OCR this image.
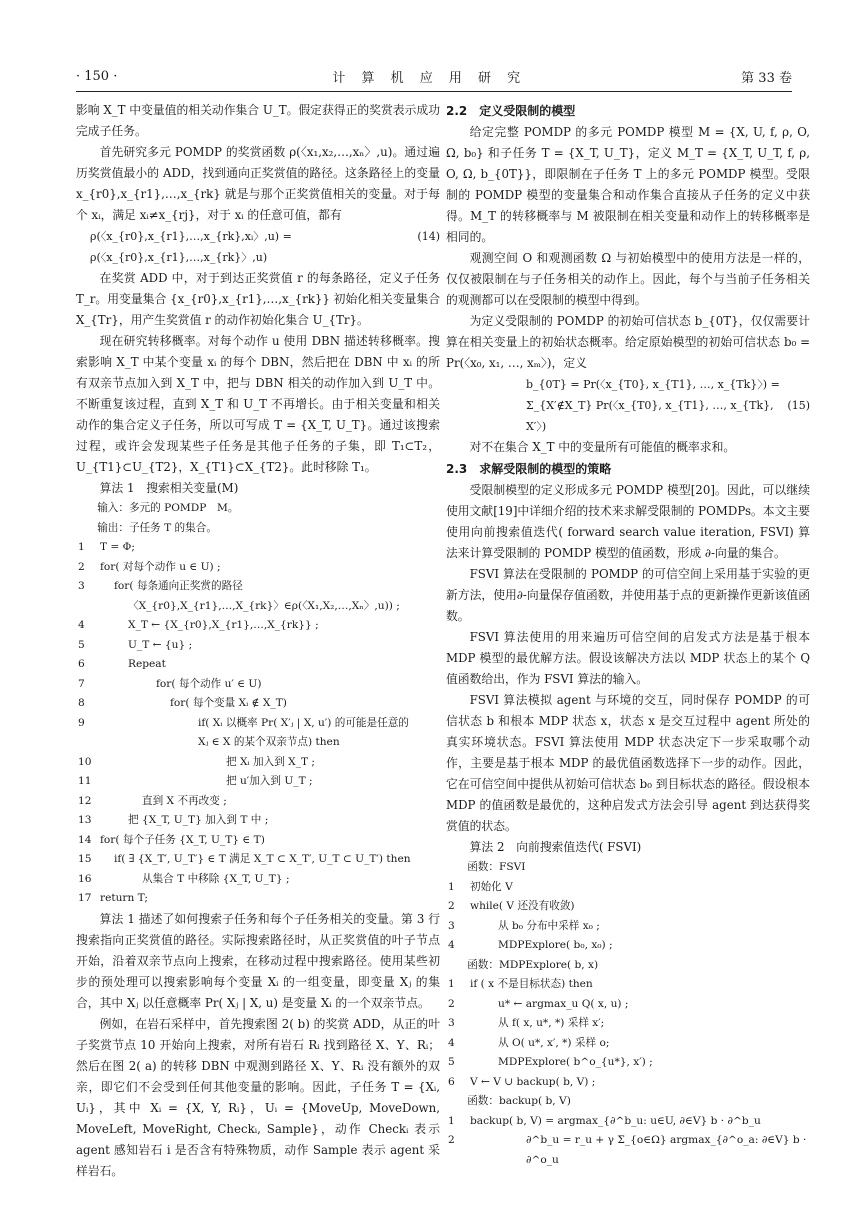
· 150 ·	计 算 机 应 用 研 究	第 33 卷

影响 X_T 中变量值的相关动作集合 U_T。假定获得正的奖赏表示成功完成子任务。

首先研究多元 POMDP 的奖赏函数 ρ(〈x₁,x₂,…,xₙ〉,u)。通过遍历奖赏值最小的 ADD，找到通向正奖赏值的路径。这条路径上的变量 x_{r0},x_{r1},…,x_{rk} 就是与那个正奖赏值相关的变量。对于每个 xᵢ，满足 xᵢ≠x_{rj}，对于 xᵢ 的任意可值，都有

ρ(〈x_{r0},x_{r1},…,x_{rk},xᵢ〉,u) = ρ(〈x_{r0},x_{r1},…,x_{rk}〉,u)
(14)

在奖赏 ADD 中，对于到达正奖赏值 r 的每条路径，定义子任务 T_r。用变量集合 {x_{r0},x_{r1},…,x_{rk}} 初始化相关变量集合 X_{Tr}，用产生奖赏值 r 的动作初始化集合 U_{Tr}。

现在研究转移概率。对每个动作 u 使用 DBN 描述转移概率。搜索影响 X_T 中某个变量 xᵢ 的每个 DBN，然后把在 DBN 中 xᵢ 的所有双亲节点加入到 X_T 中，把与 DBN 相关的动作加入到 U_T 中。不断重复该过程，直到 X_T 和 U_T 不再增长。由于相关变量和相关动作的集合定义子任务，所以可写成 T = {X_T, U_T}。通过该搜索过程，或许会发现某些子任务是其他子任务的子集，即 T₁⊂T₂，U_{T1}⊂U_{T2}，X_{T1}⊂X_{T2}。此时移除 T₁。

算法 1　搜索相关变量(M)

输入：多元的 POMDP　M。
输出：子任务 T 的集合。
1	T = Φ;
2	for( 对每个动作 u ∈ U) ;
3	for( 每条通向正奖赏的路径
〈X_{r0},X_{r1},…,X_{rk}〉∈ρ(〈X₁,X₂,…,Xₙ〉,u)) ;
4	X_T ← {X_{r0},X_{r1},…,X_{rk}} ;
5	U_T ← {u} ;
6	Repeat
7	for( 每个动作 u′ ∈ U)
8	for( 每个变量 Xᵢ ∉ X_T)
9	if( Xᵢ 以概率 Pr( X′ⱼ | X, u′) 的可能是任意的
Xⱼ ∈ X 的某个双亲节点) then
10	把 Xᵢ 加入到 X_T ;
11	把 u′加入到 U_T ;
12	直到 X 不再改变 ;
13	把 {X_T, U_T} 加入到 T 中 ;
14 for( 每个子任务 {X_T, U_T} ∈ T)
15	if( ∃ {X_T′, U_T′} ∈ T 满足 X_T ⊂ X_T′, U_T ⊂ U_T′) then
16	从集合 T 中移除 {X_T, U_T} ;
17 return T;

算法 1 描述了如何搜索子任务和每个子任务相关的变量。第 3 行搜索指向正奖赏值的路径。实际搜索路径时，从正奖赏值的叶子节点开始，沿着双亲节点向上搜索，在移动过程中搜索路径。使用某些初步的预处理可以搜索影响每个变量 Xᵢ 的一组变量，即变量 Xⱼ 的集合，其中 Xⱼ 以任意概率 Pr( Xⱼ | X, u) 是变量 Xᵢ 的一个双亲节点。

例如，在岩石采样中，首先搜索图 2( b) 的奖赏 ADD，从正的叶子奖赏节点 10 开始向上搜索，对所有岩石 Rᵢ 找到路径 X、Y、Rᵢ；然后在图 2( a) 的转移 DBN 中观测到路径 X、Y、Rᵢ 没有额外的双亲，即它们不会受到任何其他变量的影响。因此，子任务 T = {Xᵢ, Uᵢ}，其中 Xᵢ = {X, Y, Rᵢ}，Uᵢ = {MoveUp, MoveDown, MoveLeft, MoveRight, Checkᵢ, Sample}，动作 Checkᵢ 表示 agent 感知岩石 i 是否含有特殊物质，动作 Sample 表示 agent 采样岩石。

2.2　定义受限制的模型

给定完整 POMDP 的多元 POMDP 模型 M = {X, U, f, ρ, O, Ω, b₀} 和子任务 T = {X_T, U_T}，定义 M_T = {X_T, U_T, f, ρ, O, Ω, b_{0T}}，即限制在子任务 T 上的多元 POMDP 模型。受限制的 POMDP 模型的变量集合和动作集合直接从子任务的定义中获得。M_T 的转移概率与 M 被限制在相关变量和动作上的转移概率是相同的。

观测空间 O 和观测函数 Ω 与初始模型中的使用方法是一样的，仅仅被限制在与子任务相关的动作上。因此，每个与当前子任务相关的观测都可以在受限制的模型中得到。

为定义受限制的 POMDP 的初始可信状态 b_{0T}，仅仅需要计算在相关变量上的初始状态概率。给定原始模型的初始可信状态 b₀ = Pr(〈x₀, x₁, …, xₘ〉)，定义

b_{0T} = Pr(〈x_{T0}, x_{T1}, …, x_{Tk}〉) =
Σ_{X′∉X_T} Pr(〈x_{T0}, x_{T1}, …, x_{Tk}, X′〉)
(15)

对不在集合 X_T 中的变量所有可能值的概率求和。

2.3　求解受限制的模型的策略

受限制模型的定义形成多元 POMDP 模型[20]。因此，可以继续使用文献[19]中详细介绍的技术来求解受限制的 POMDPs。本文主要使用向前搜索值迭代( forward search value iteration, FSVI) 算法来计算受限制的 POMDP 模型的值函数，形成 ∂-向量的集合。

FSVI 算法在受限制的 POMDP 的可信空间上采用基于实验的更新方法，使用∂-向量保存值函数，并使用基于点的更新操作更新该值函数。

FSVI 算法使用的用来遍历可信空间的启发式方法是基于根本 MDP 模型的最优解方法。假设该解决方法以 MDP 状态上的某个 Q 值函数给出，作为 FSVI 算法的输入。

FSVI 算法模拟 agent 与环境的交互，同时保存 POMDP 的可信状态 b 和根本 MDP 状态 x，状态 x 是交互过程中 agent 所处的真实环境状态。FSVI 算法使用 MDP 状态决定下一步采取哪个动作，主要是基于根本 MDP 的最优值函数选择下一步的动作。因此，它在可信空间中提供从初始可信状态 b₀ 到目标状态的路径。假设根本 MDP 的值函数是最优的，这种启发式方法会引导 agent 到达获得奖赏值的状态。

算法 2　向前搜索值迭代( FSVI)

函数：FSVI
1	初始化 V
2	while( V 还没有收敛)
3	从 b₀ 分布中采样 x₀ ;
4	MDPExplore( b₀, x₀) ;
函数：MDPExplore( b, x)
1	if ( x 不是目标状态) then
2	u* ← argmax_u Q( x, u) ;
3	从 f( x, u*, *) 采样 x′;
4	从 O( u*, x′, *) 采样 o;
5	MDPExplore( b^o_{u*}, x′) ;
6	V ← V ∪ backup( b, V) ;
函数：backup( b, V)
1	backup( b, V) = argmax_{∂^b_u: u∈U, ∂∈V} b · ∂^b_u
2	∂^b_u = r_u + γ Σ_{o∈Ω} argmax_{∂^o_a: ∂∈V} b · ∂^o_u
